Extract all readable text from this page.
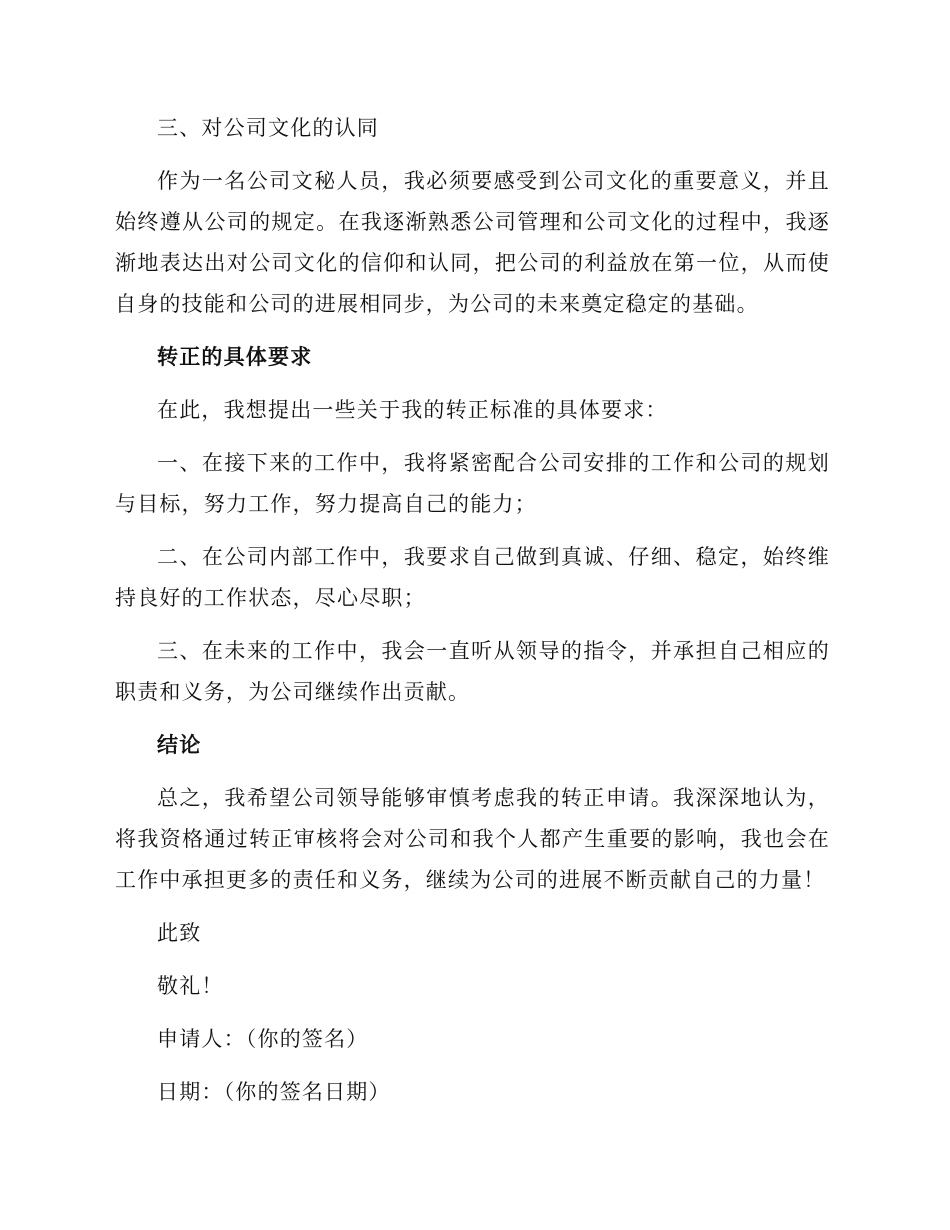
三、对公司文化的认同

作为一名公司文秘人员，我必须要感受到公司文化的重要意义，并且始终遵从公司的规定。在我逐渐熟悉公司管理和公司文化的过程中，我逐渐地表达出对公司文化的信仰和认同，把公司的利益放在第一位，从而使自身的技能和公司的进展相同步，为公司的未来奠定稳定的基础。

转正的具体要求

在此，我想提出一些关于我的转正标准的具体要求：

一、在接下来的工作中，我将紧密配合公司安排的工作和公司的规划与目标，努力工作，努力提高自己的能力；

二、在公司内部工作中，我要求自己做到真诚、仔细、稳定，始终维持良好的工作状态，尽心尽职；

三、在未来的工作中，我会一直听从领导的指令，并承担自己相应的职责和义务，为公司继续作出贡献。

结论

总之，我希望公司领导能够审慎考虑我的转正申请。我深深地认为，将我资格通过转正审核将会对公司和我个人都产生重要的影响，我也会在工作中承担更多的责任和义务，继续为公司的进展不断贡献自己的力量！

此致

敬礼！

申请人：（你的签名）

日期：（你的签名日期）
